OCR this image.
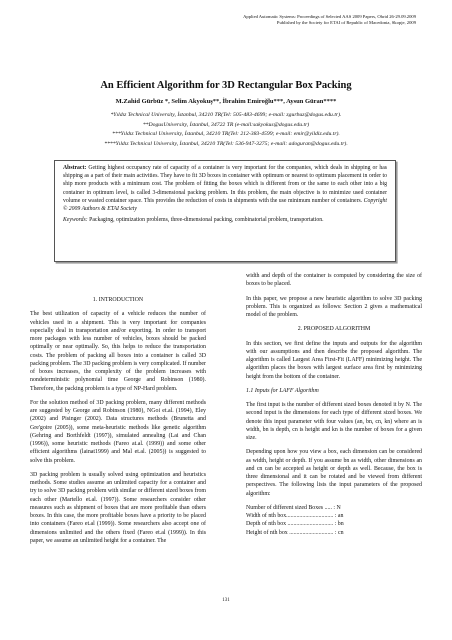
Applied Automatic Systems: Proceedings of Selected AAS 2009 Papers, Ohrid 26-29.09.2009
Published by the Society for ETAI of Republic of Macedonia, Skopje, 2009
An Efficient Algorithm for 3D Rectangular Box Packing
M.Zahid Gürbüz *, Selim Akyokuş**, İbrahim Emiroğlu***, Aysun Güran****
*Yıldız Technical University, İstanbul, 34210 TR(Tel: 505-483-4699; e-mail: zgurbuz@dogus.edu.tr).
**DogusUniversity, İstanbul, 34722 TR (e-mail:sakyokus@dogus.edu.tr)
***Yıldız Technical University, İstanbul, 34210 TR(Tel: 212-383-4599; e-mail: emir@yildiz.edu.tr).
****Yıldız Technical University, İstanbul, 34210 TR(Tel: 536-947-3275; e-mail: adoguran@dogus.edu.tr).
Abstract: Getting highest occupancy rate of capacity of a container is very important for the companies, which deals in shipping or has shipping as a part of their main activities. They have to fit 3D boxes in container with optimum or nearest to optimum placement in order to ship more products with a minimum cost. The problem of fitting the boxes which is different from or the same to each other into a big container in optimum level, is called 3-dimensional packing problem. In this problem, the main objective is to minimize used container volume or wasted container space. This provides the reduction of costs in shipments with the use minimum number of containers. Copyright © 2009 Authors & ETAI Society
Keywords: Packaging, optimization problems, three-dimensional packing, combinatorial problem, transportation.

1. INTRODUCTION

The best utilization of capacity of a vehicle reduces the number of vehicles used in a shipment. This is very important for companies especially deal in transportation and/or exporting. In order to transport more packages with less number of vehicles, boxes should be packed optimally or near optimally. So, this helps to reduce the transportation costs. The problem of packing all boxes into a container is called 3D packing problem. The 3D packing problem is very complicated. If number of boxes increases, the complexity of the problem increases with nondeterministic polynomial time George and Robinson (1980). Therefore, the packing problem is a type of NP-Hard problem.

For the solution method of 3D packing problem, many different methods are suggested by George and Robinson (1980), NGoi et.al. (1994), Eley (2002) and Pisinger (2002). Data structures methods (Brunetta and Gre'goire (2005)), some meta-heuristic methods like genetic algorithm (Gehring and Borthfeldt (1997)), simulated annealing (Lai and Chan (1996)), some heuristic methods (Fareo at.al. (1999)) and some other efficient algorithms (lainat1999) and Mal et.al. (2005)) is suggested to solve this problem.

3D packing problem is usually solved using optimization and heuristics methods. Some studies assume an unlimited capacity for a container and try to solve 3D packing problem with similar or different sized boxes from each other (Martello et.al. (1997)). Some researchers consider other measures such as shipment of boxes that are more profitable than others boxes. In this case, the more profitable boxes have a priority to be placed into containers (Fareo et.al (1999)). Some researchers also accept one of dimensions unlimited and the others fixed (Fareo et.al (1999)). In this paper, we assume an unlimited height for a container. The

width and depth of the container is computed by considering the size of boxes to be placed.

In this paper, we propose a new heuristic algorithm to solve 3D packing problem. This is organized as follows: Section 2 gives a mathematical model of the problem.

2. PROPOSED ALGORITHM

In this section, we first define the inputs and outputs for the algorithm with our assumptions and then describe the proposed algorithm. The algorithm is called Largest Area First-Fit (LAFF) minimizing height. The algorithm places the boxes with largest surface area first by minimizing height from the bottom of the container.

1.1 Inputs for LAFF Algorithm

The first input is the number of different sized boxes denoted it by N. The second input is the dimensions for each type of different sized boxes. We denote this input parameter with four values (an, bn, cn, kn) where an is width, bn is depth, cn is height and kn is the number of boxes for a given size.

Depending upon how you view a box, each dimension can be considered as width, height or depth. If you assume bn as width, other dimensions an and cn can be accepted as height or depth as well. Because, the box is three dimensional and it can be rotated and be viewed from different perspectives. The following lists the input parameters of the proposed algorithm:

Number of different sized Boxes ..... : N
Width of nth box................................ : an
Depth of nth box ............................... : bn
Height of nth box .............................. : cn
131
